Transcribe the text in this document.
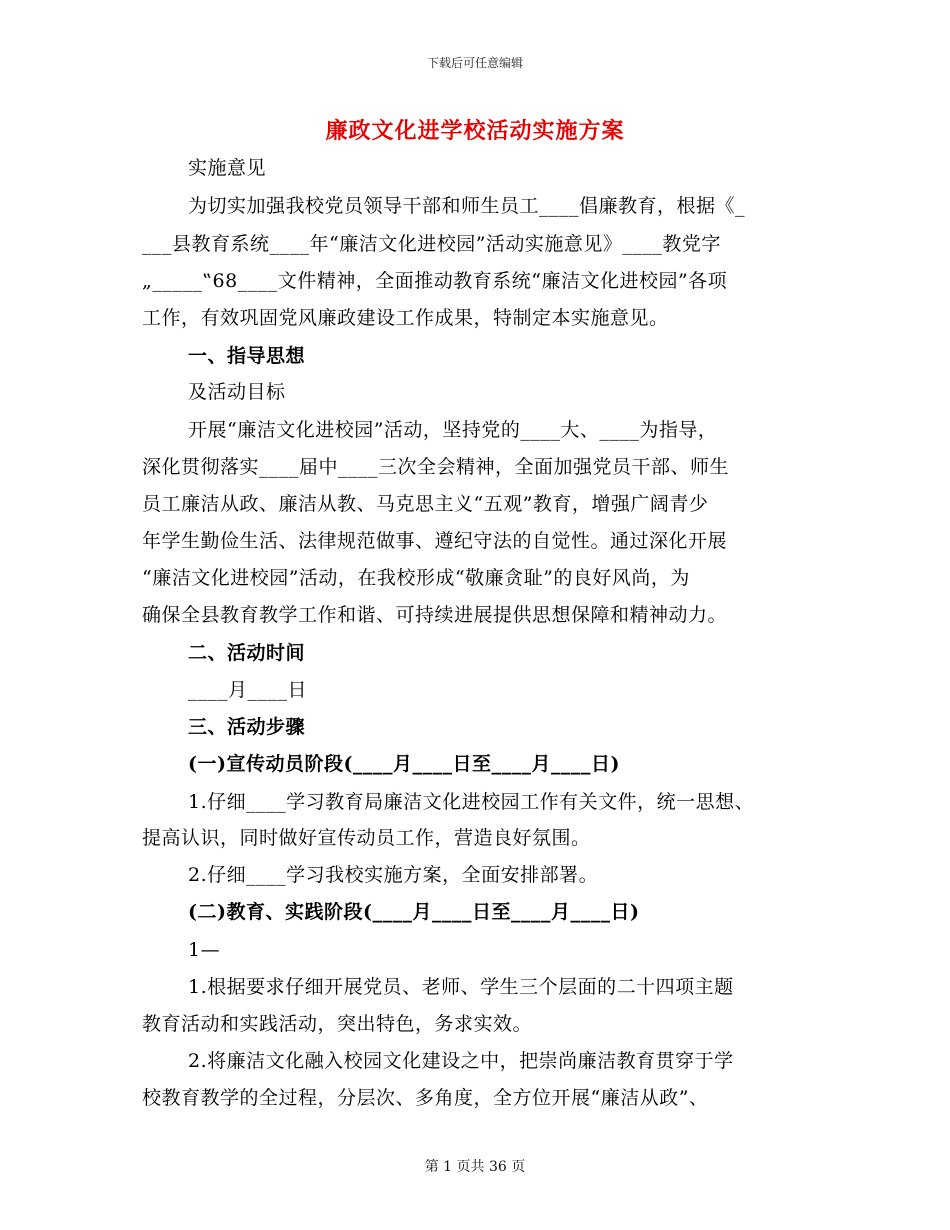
下载后可任意编辑
廉政文化进学校活动实施方案
实施意见
为切实加强我校党员领导干部和师生员工____倡廉教育，根据《_
___县教育系统____年“廉洁文化进校园”活动实施意见》____教党字
„_____‟68____文件精神，全面推动教育系统“廉洁文化进校园”各项
工作，有效巩固党风廉政建设工作成果，特制定本实施意见。
一、指导思想
及活动目标
开展“廉洁文化进校园”活动，坚持党的____大、____为指导，
深化贯彻落实____届中____三次全会精神，全面加强党员干部、师生
员工廉洁从政、廉洁从教、马克思主义“五观”教育，增强广阔青少
年学生勤俭生活、法律规范做事、遵纪守法的自觉性。通过深化开展
“廉洁文化进校园”活动，在我校形成“敬廉贪耻”的良好风尚，为
确保全县教育教学工作和谐、可持续进展提供思想保障和精神动力。
二、活动时间
____月____日
三、活动步骤
(一)宣传动员阶段(____月____日至____月____日)
1.仔细____学习教育局廉洁文化进校园工作有关文件，统一思想、
提高认识，同时做好宣传动员工作，营造良好氛围。
2.仔细____学习我校实施方案，全面安排部署。
(二)教育、实践阶段(____月____日至____月____日)
1—
1.根据要求仔细开展党员、老师、学生三个层面的二十四项主题
教育活动和实践活动，突出特色，务求实效。
2.将廉洁文化融入校园文化建设之中，把崇尚廉洁教育贯穿于学
校教育教学的全过程，分层次、多角度，全方位开展“廉洁从政”、
第 1 页共 36 页
